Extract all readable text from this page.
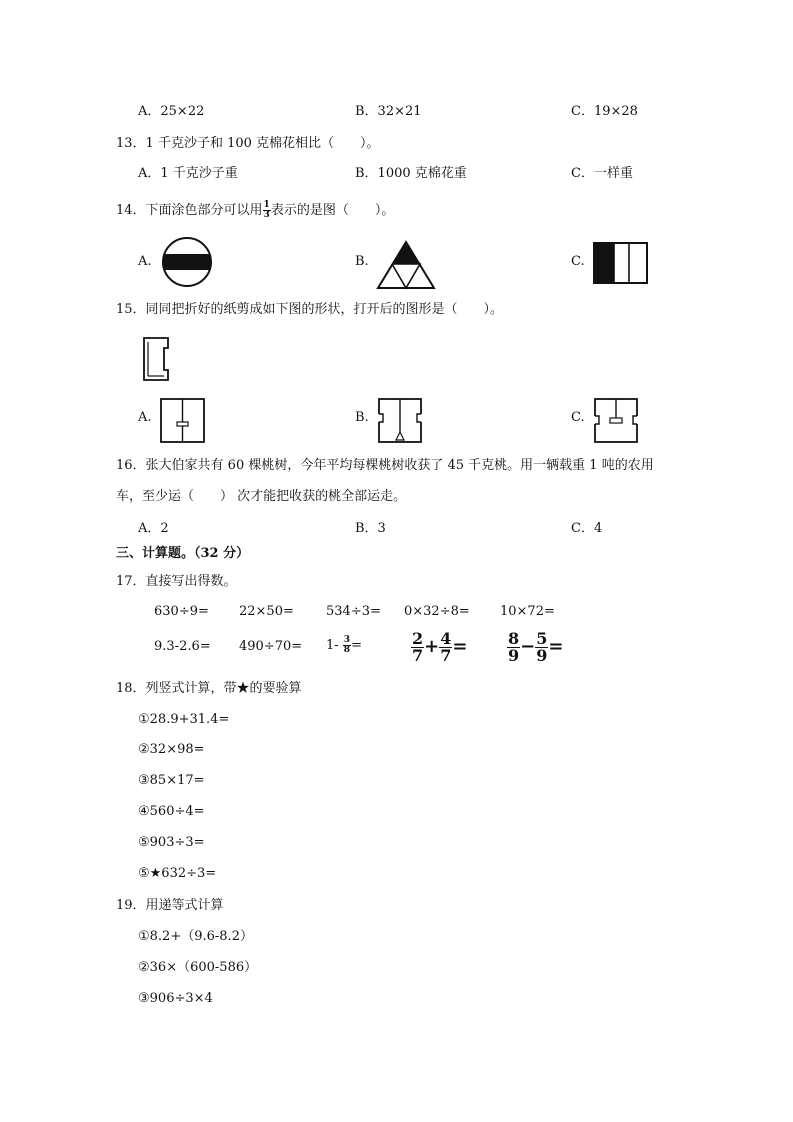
A．25×22	B．32×21	C．19×28
13．1 千克沙子和 100 克棉花相比（　　）。
A．1 千克沙子重	B．1000 克棉花重	C．一样重
14．下面涂色部分可以用 $\frac{1}{3}$ 表示的是图（　　）。
A.	B.	C.
15．同同把折好的纸剪成如下图的形状，打开后的图形是（　　）。
A.	B.	C.
16．张大伯家共有 60 棵桃树，今年平均每棵桃树收获了 45 千克桃。用一辆载重 1 吨的农用
车，至少运（　　） 次才能把收获的桃全部运走。
A．2	B．3	C．4
三、计算题。（32 分）
17．直接写出得数。
630÷9= 22×50= 534÷3= 0×32÷8= 10×72=
$9.3-2.6= 490\div 70= 1- \frac{3}{8}$ =	$\frac{2}{7} + \frac{4}{7} = \frac{8}{9} - \frac{5}{9}$ =
18．列竖式计算，带★的要验算
①28.9+31.4=
②32×98=
③85×17=
④560÷4=
⑤903÷3=
⑤★632÷3=
19．用递等式计算
①8.2+（9.6-8.2）
②36×（600-586）
③906÷3×4
